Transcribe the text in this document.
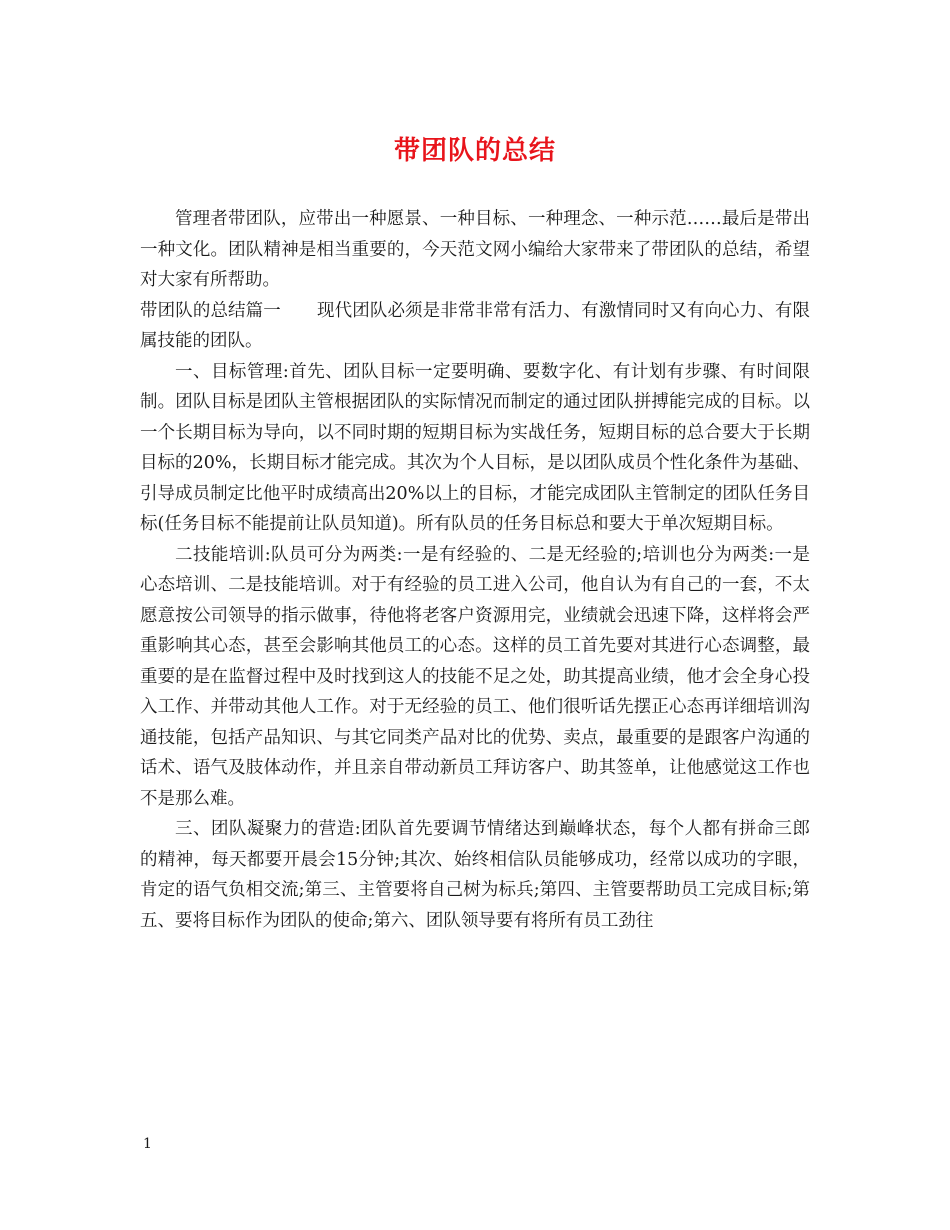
带团队的总结

管理者带团队，应带出一种愿景、一种目标、一种理念、一种示范……最后是带出一种文化。团队精神是相当重要的，今天范文网小编给大家带来了带团队的总结，希望对大家有所帮助。

带团队的总结篇一 现代团队必须是非常非常有活力、有激情同时又有向心力、有限属技能的团队。

一、目标管理:首先、团队目标一定要明确、要数字化、有计划有步骤、有时间限制。团队目标是团队主管根据团队的实际情况而制定的通过团队拼搏能完成的目标。以一个长期目标为导向，以不同时期的短期目标为实战任务，短期目标的总合要大于长期目标的20%，长期目标才能完成。其次为个人目标，是以团队成员个性化条件为基础、引导成员制定比他平时成绩高出20%以上的目标，才能完成团队主管制定的团队任务目标(任务目标不能提前让队员知道)。所有队员的任务目标总和要大于单次短期目标。

二技能培训:队员可分为两类:一是有经验的、二是无经验的;培训也分为两类:一是心态培训、二是技能培训。对于有经验的员工进入公司，他自认为有自己的一套，不太愿意按公司领导的指示做事，待他将老客户资源用完，业绩就会迅速下降，这样将会严重影响其心态，甚至会影响其他员工的心态。这样的员工首先要对其进行心态调整，最重要的是在监督过程中及时找到这人的技能不足之处，助其提高业绩，他才会全身心投入工作、并带动其他人工作。对于无经验的员工、他们很听话先摆正心态再详细培训沟通技能，包括产品知识、与其它同类产品对比的优势、卖点，最重要的是跟客户沟通的话术、语气及肢体动作，并且亲自带动新员工拜访客户、助其签单，让他感觉这工作也不是那么难。

三、团队凝聚力的营造:团队首先要调节情绪达到巅峰状态，每个人都有拼命三郎的精神，每天都要开晨会15分钟;其次、始终相信队员能够成功，经常以成功的字眼，肯定的语气负相交流;第三、主管要将自己树为标兵;第四、主管要帮助员工完成目标;第五、要将目标作为团队的使命;第六、团队领导要有将所有员工劲往

1
